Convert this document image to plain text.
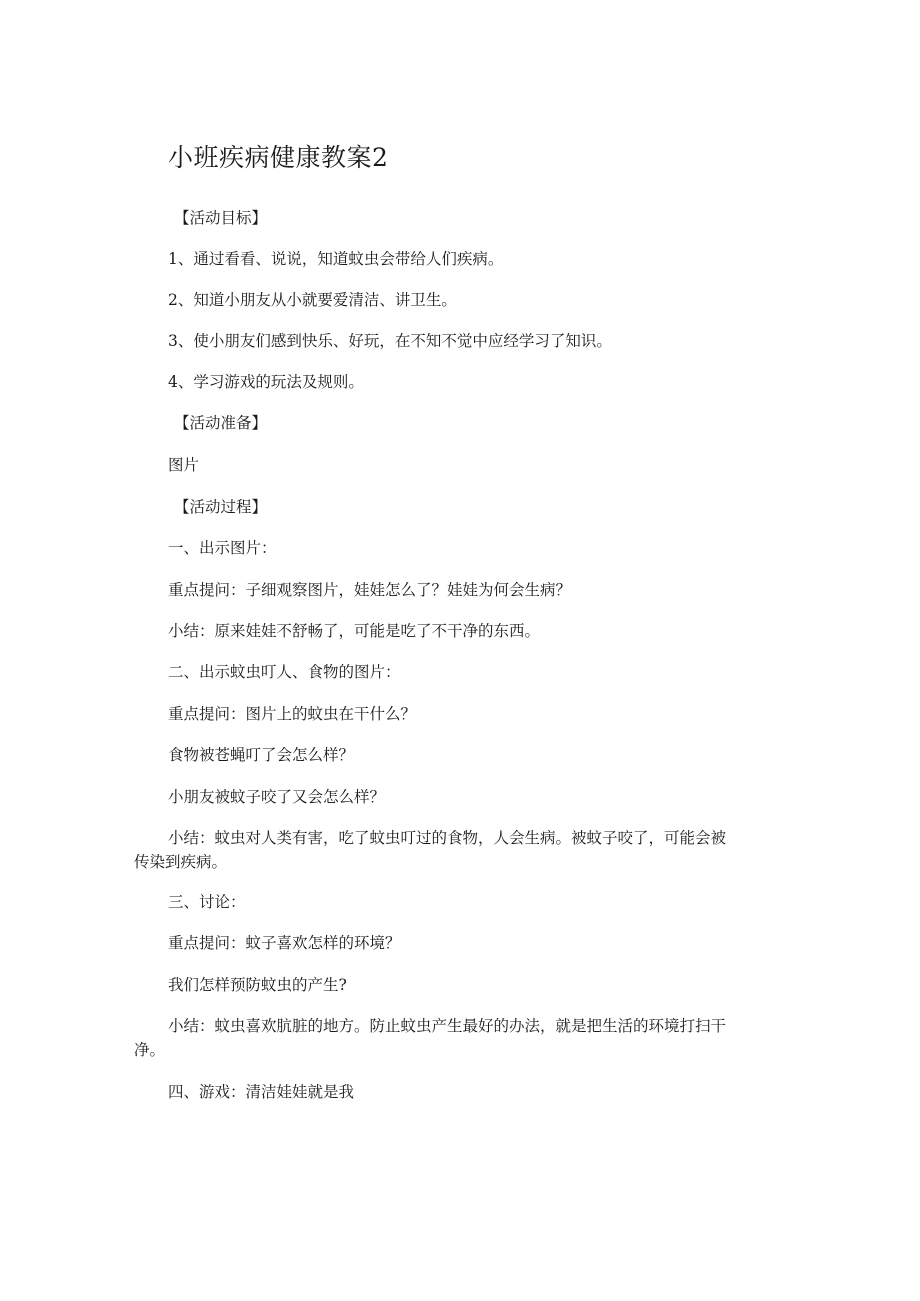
小班疾病健康教案2
【活动目标】
1、通过看看、说说，知道蚊虫会带给人们疾病。
2、知道小朋友从小就要爱清洁、讲卫生。
3、使小朋友们感到快乐、好玩，在不知不觉中应经学习了知识。
4、学习游戏的玩法及规则。
【活动准备】
图片
【活动过程】
一、出示图片：
重点提问：子细观察图片，娃娃怎么了？娃娃为何会生病？
小结：原来娃娃不舒畅了，可能是吃了不干净的东西。
二、出示蚊虫叮人、食物的图片：
重点提问：图片上的蚊虫在干什么？
食物被苍蝇叮了会怎么样？
小朋友被蚊子咬了又会怎么样？
小结：蚊虫对人类有害，吃了蚊虫叮过的食物，人会生病。被蚊子咬了，可能会被
传染到疾病。
三、讨论：
重点提问：蚊子喜欢怎样的环境？
我们怎样预防蚊虫的产生?
小结：蚊虫喜欢肮脏的地方。防止蚊虫产生最好的办法，就是把生活的环境打扫干
净。
四、游戏：清洁娃娃就是我
